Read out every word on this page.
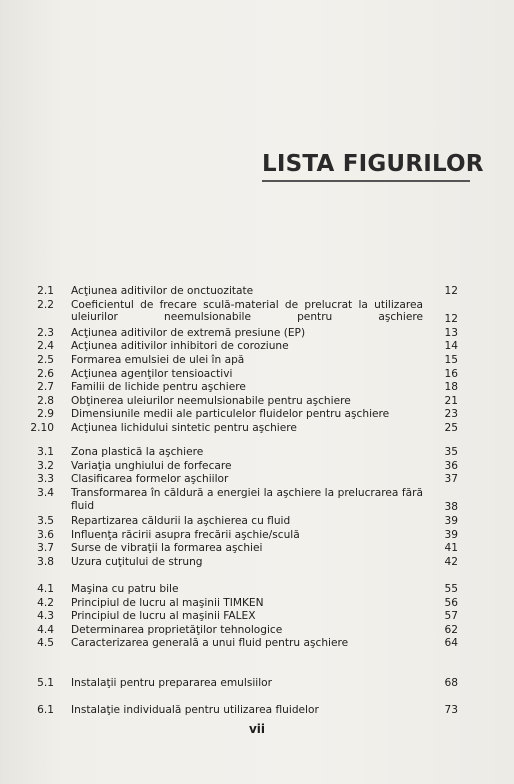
LISTA FIGURILOR
2.1 Acţiunea aditivilor de onctuozitate	12
2.2 Coeficientul de frecare sculă-material de prelucrat la utilizarea uleiurilor neemulsionabile pentru aşchiere	12
2.3 Acţiunea aditivilor de extremă presiune (EP)	13
2.4 Acţiunea aditivilor inhibitori de coroziune	14
2.5 Formarea emulsiei de ulei în apă	15
2.6 Acţiunea agenţilor tensioactivi	16
2.7 Familii de lichide pentru aşchiere	18
2.8 Obţinerea uleiurilor neemulsionabile pentru aşchiere	21
2.9 Dimensiunile medii ale particulelor fluidelor pentru aşchiere	23
2.10 Acţiunea lichidului sintetic pentru aşchiere	25
3.1 Zona plastică la aşchiere	35
3.2 Variaţia unghiului de forfecare	36
3.3 Clasificarea formelor aşchiilor	37
3.4 Transformarea în căldură a energiei la aşchiere la prelucrarea fără fluid	38
3.5 Repartizarea căldurii la aşchierea cu fluid	39
3.6 Influenţa răcirii asupra frecării aşchie/sculă	39
3.7 Surse de vibraţii la formarea aşchiei	41
3.8 Uzura cuţitului de strung	42
4.1 Maşina cu patru bile	55
4.2 Principiul de lucru al maşinii TIMKEN	56
4.3 Principiul de lucru al maşinii FALEX	57
4.4 Determinarea proprietăţilor tehnologice	62
4.5 Caracterizarea generală a unui fluid pentru aşchiere	64
5.1 Instalaţii pentru prepararea emulsiilor	68
6.1 Instalaţie individuală pentru utilizarea fluidelor	73
vii
